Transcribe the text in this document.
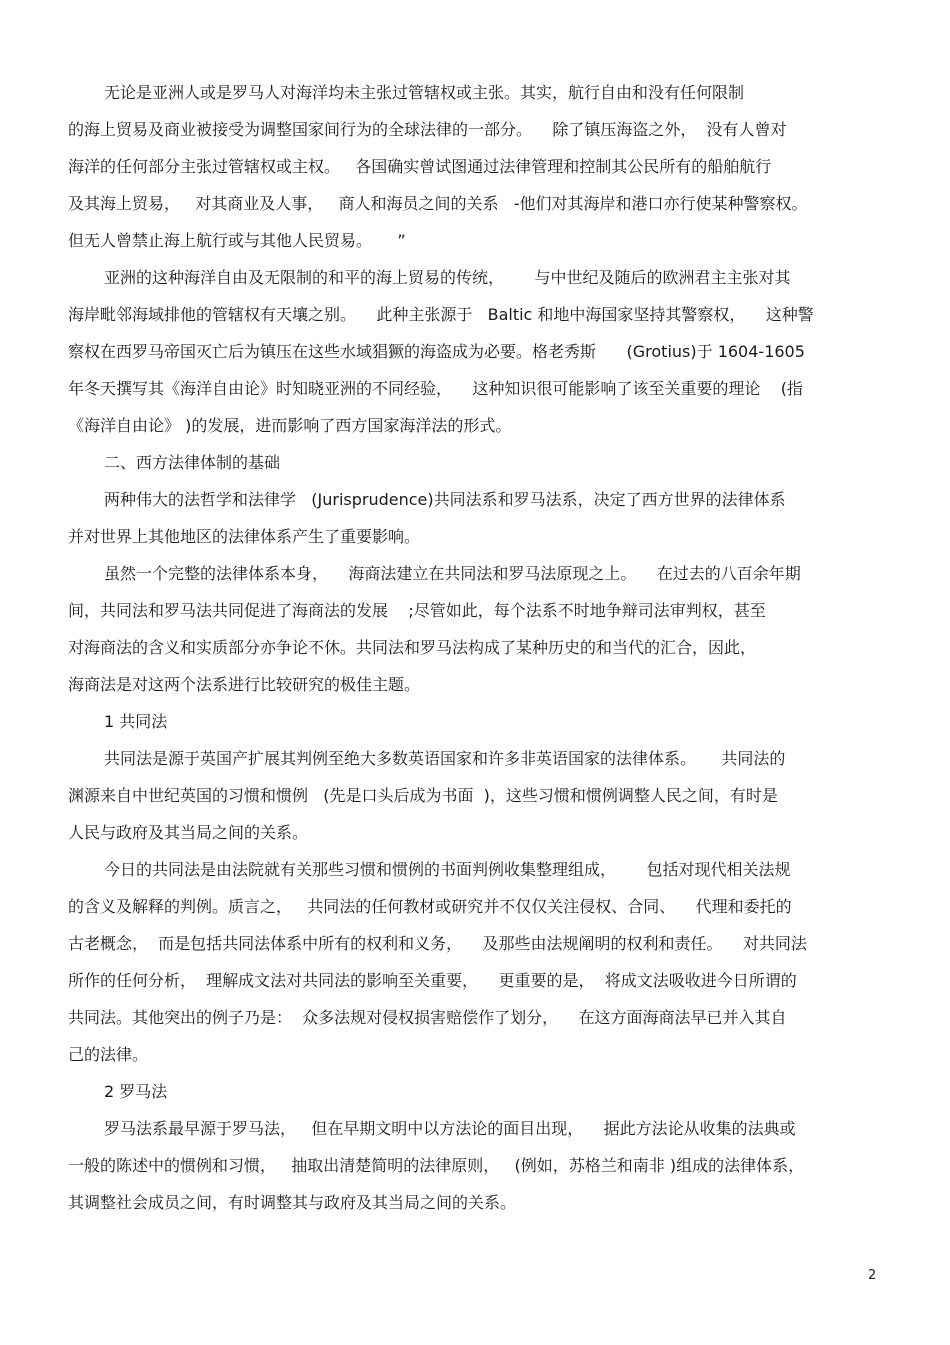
无论是亚洲人或是罗马人对海洋均未主张过管辖权或主张。其实，航行自由和没有任何限制
的海上贸易及商业被接受为调整国家间行为的全球法律的一部分。    除了镇压海盗之外，  没有人曾对
海洋的任何部分主张过管辖权或主权。   各国确实曾试图通过法律管理和控制其公民所有的船舶航行
及其海上贸易，   对其商业及人事，   商人和海员之间的关系   -他们对其海岸和港口亦行使某种警察权。
但无人曾禁止海上航行或与其他人民贸易。     ”
亚洲的这种海洋自由及无限制的和平的海上贸易的传统，      与中世纪及随后的欧洲君主主张对其
海岸毗邻海域排他的管辖权有天壤之别。    此种主张源于   Baltic 和地中海国家坚持其警察权，    这种警
察权在西罗马帝国灭亡后为镇压在这些水域猖獗的海盗成为必要。格老秀斯      (Grotius)于 1604-1605
年冬天撰写其《海洋自由论》时知晓亚洲的不同经验，    这种知识很可能影响了该至关重要的理论    (指
《海洋自由论》 )的发展，进而影响了西方国家海洋法的形式。
二、西方法律体制的基础
两种伟大的法哲学和法律学   (Jurisprudence)共同法系和罗马法系，决定了西方世界的法律体系
并对世界上其他地区的法律体系产生了重要影响。
虽然一个完整的法律体系本身，    海商法建立在共同法和罗马法原现之上。    在过去的八百余年期
间，共同法和罗马法共同促进了海商法的发展    ;尽管如此，每个法系不时地争辩司法审判权，甚至
对海商法的含义和实质部分亦争论不休。共同法和罗马法构成了某种历史的和当代的汇合，因此，
海商法是对这两个法系进行比较研究的极佳主题。
1 共同法
共同法是源于英国产扩展其判例至绝大多数英语国家和许多非英语国家的法律体系。     共同法的
渊源来自中世纪英国的习惯和惯例   (先是口头后成为书面  )，这些习惯和惯例调整人民之间，有时是
人民与政府及其当局之间的关系。
今日的共同法是由法院就有关那些习惯和惯例的书面判例收集整理组成，      包括对现代相关法规
的含义及解释的判例。质言之，   共同法的任何教材或研究并不仅仅关注侵权、合同、    代理和委托的
古老概念，  而是包括共同法体系中所有的权利和义务，    及那些由法规阐明的权利和责任。    对共同法
所作的任何分析，  理解成文法对共同法的影响至关重要，    更重要的是，  将成文法吸收进今日所谓的
共同法。其他突出的例子乃是：  众多法规对侵权损害赔偿作了划分，    在这方面海商法早已并入其自
己的法律。
2 罗马法
罗马法系最早源于罗马法，   但在早期文明中以方法论的面目出现，    据此方法论从收集的法典或
一般的陈述中的惯例和习惯，   抽取出清楚简明的法律原则，   (例如，苏格兰和南非 )组成的法律体系，
其调整社会成员之间，有时调整其与政府及其当局之间的关系。
2
